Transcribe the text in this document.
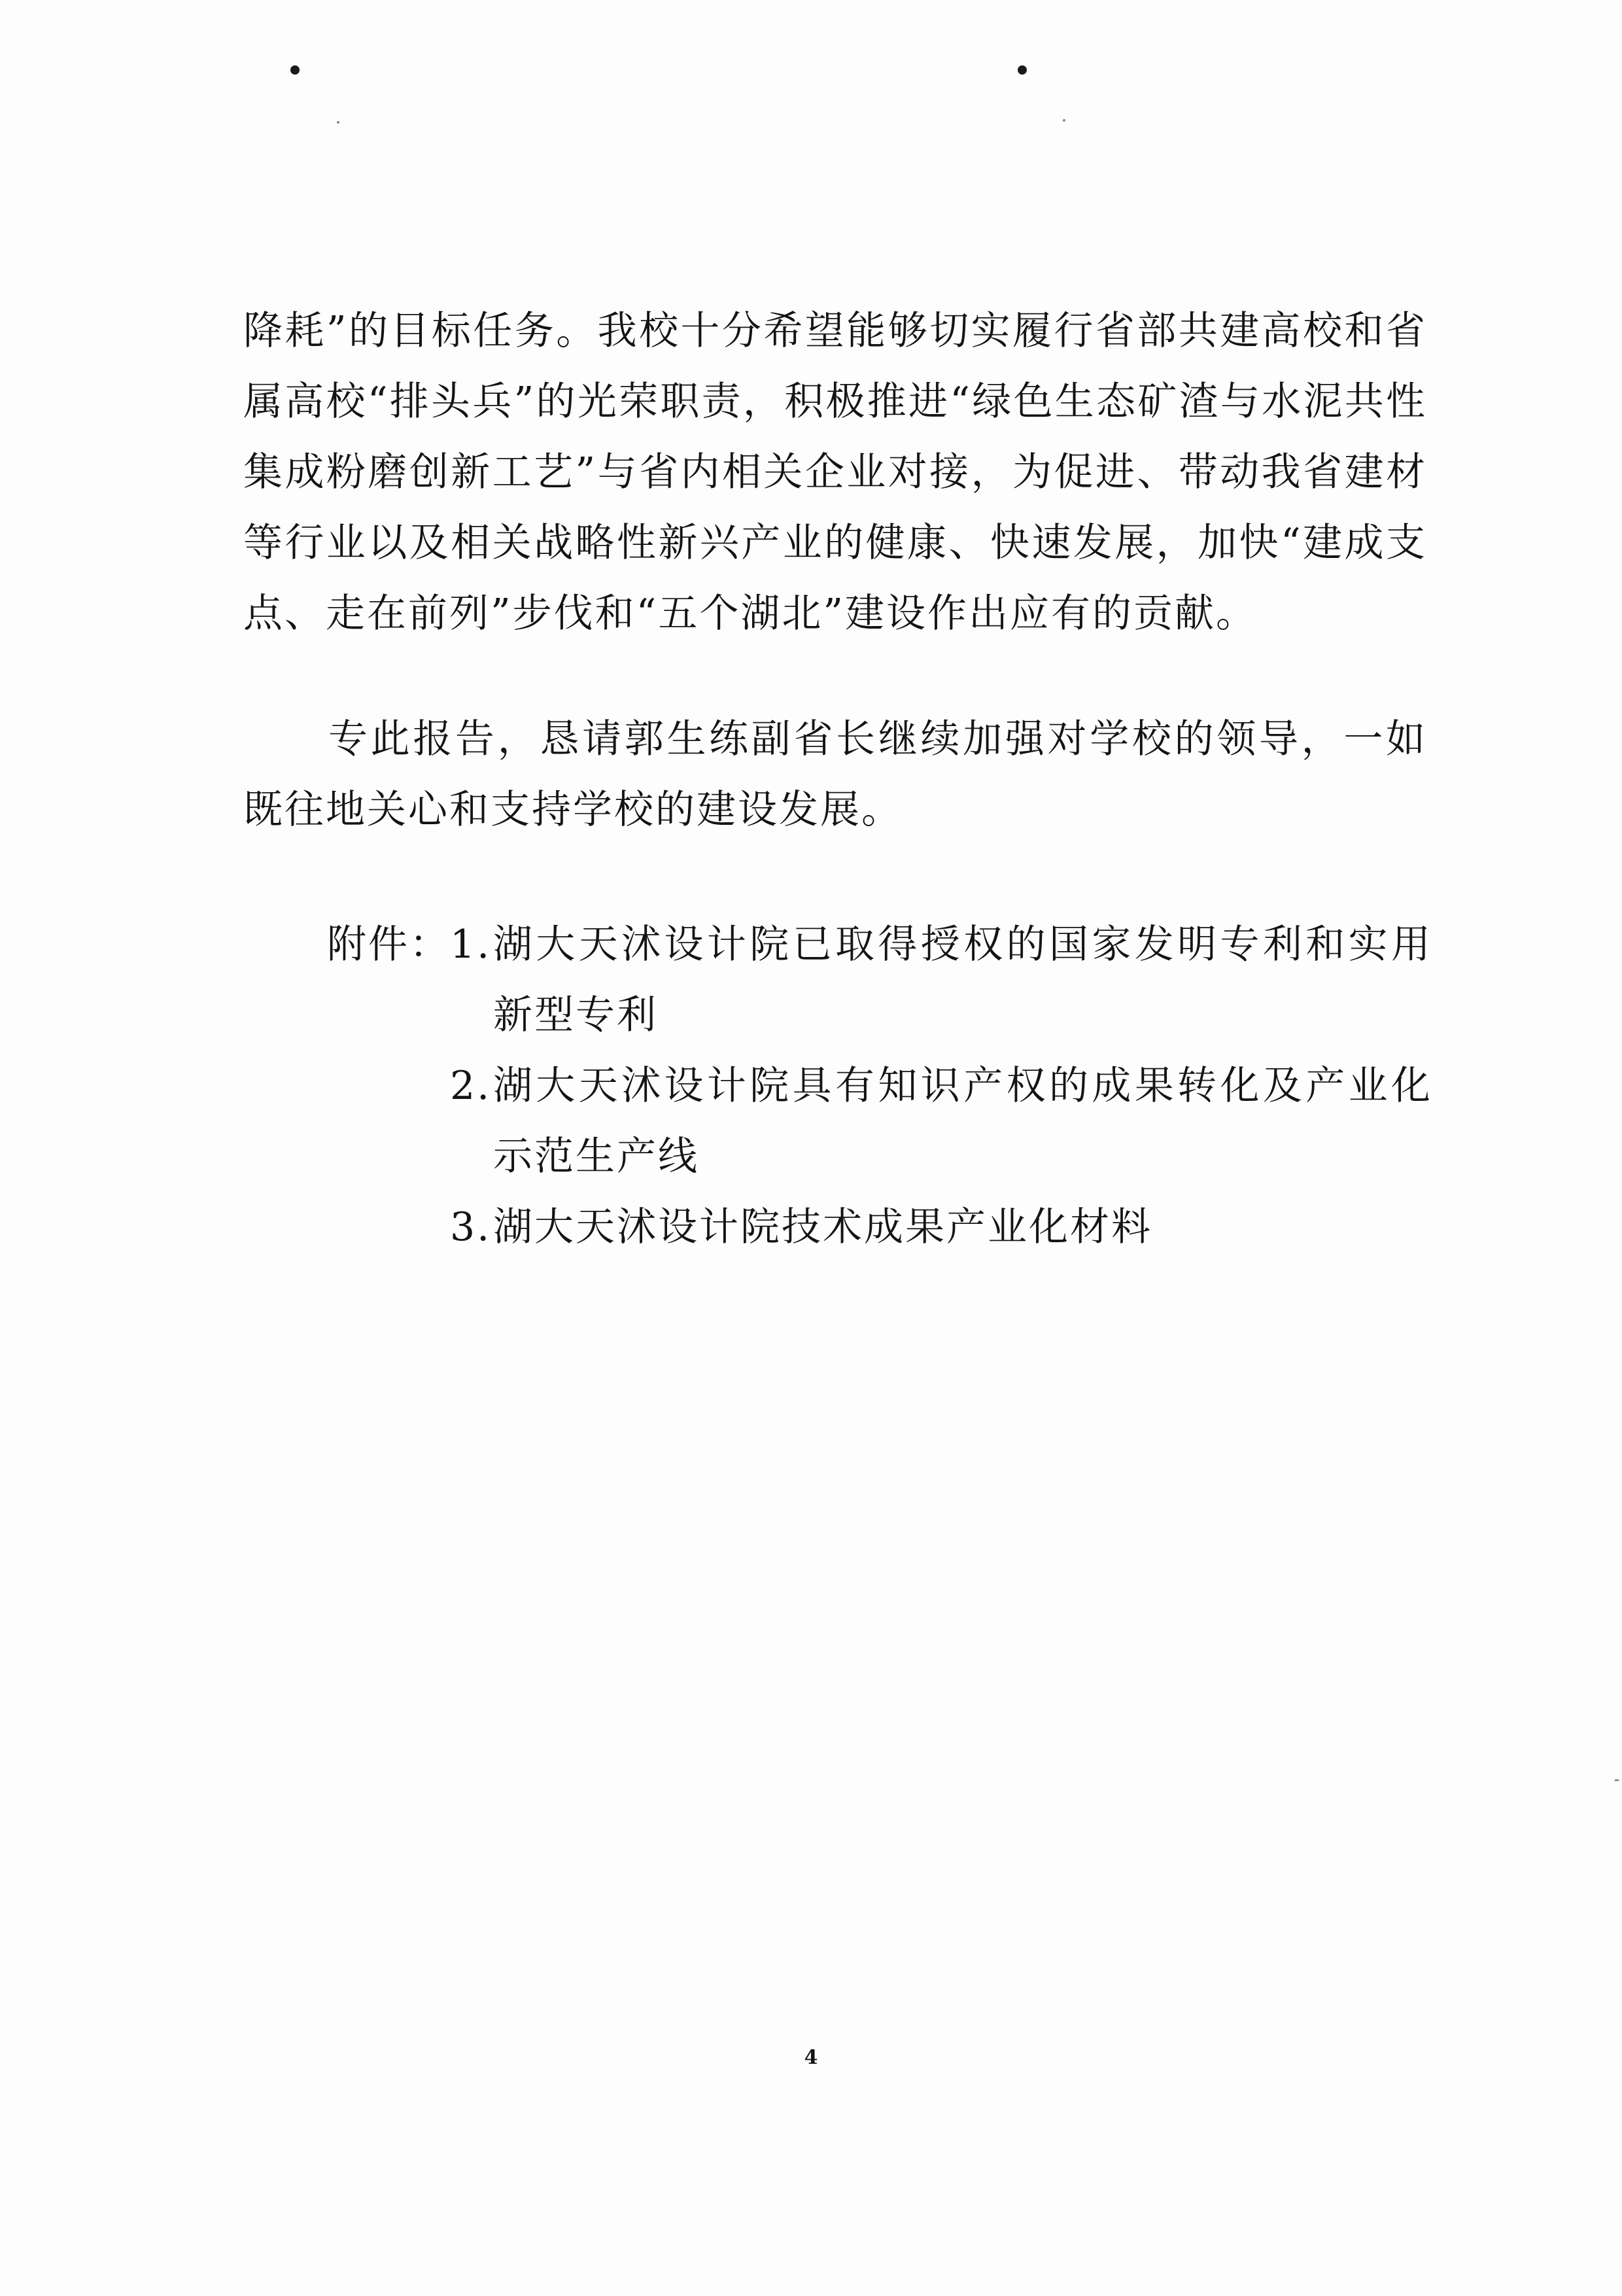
降耗”的目标任务。我校十分希望能够切实履行省部共建高校和省属高校“排头兵”的光荣职责，积极推进“绿色生态矿渣与水泥共性集成粉磨创新工艺”与省内相关企业对接，为促进、带动我省建材等行业以及相关战略性新兴产业的健康、快速发展，加快“建成支点、走在前列”步伐和“五个湖北”建设作出应有的贡献。

专此报告，恳请郭生练副省长继续加强对学校的领导，一如既往地关心和支持学校的建设发展。

附件： 1. 湖大天沭设计院已取得授权的国家发明专利和实用新型专利
2. 湖大天沭设计院具有知识产权的成果转化及产业化示范生产线
3. 湖大天沭设计院技术成果产业化材料
4
